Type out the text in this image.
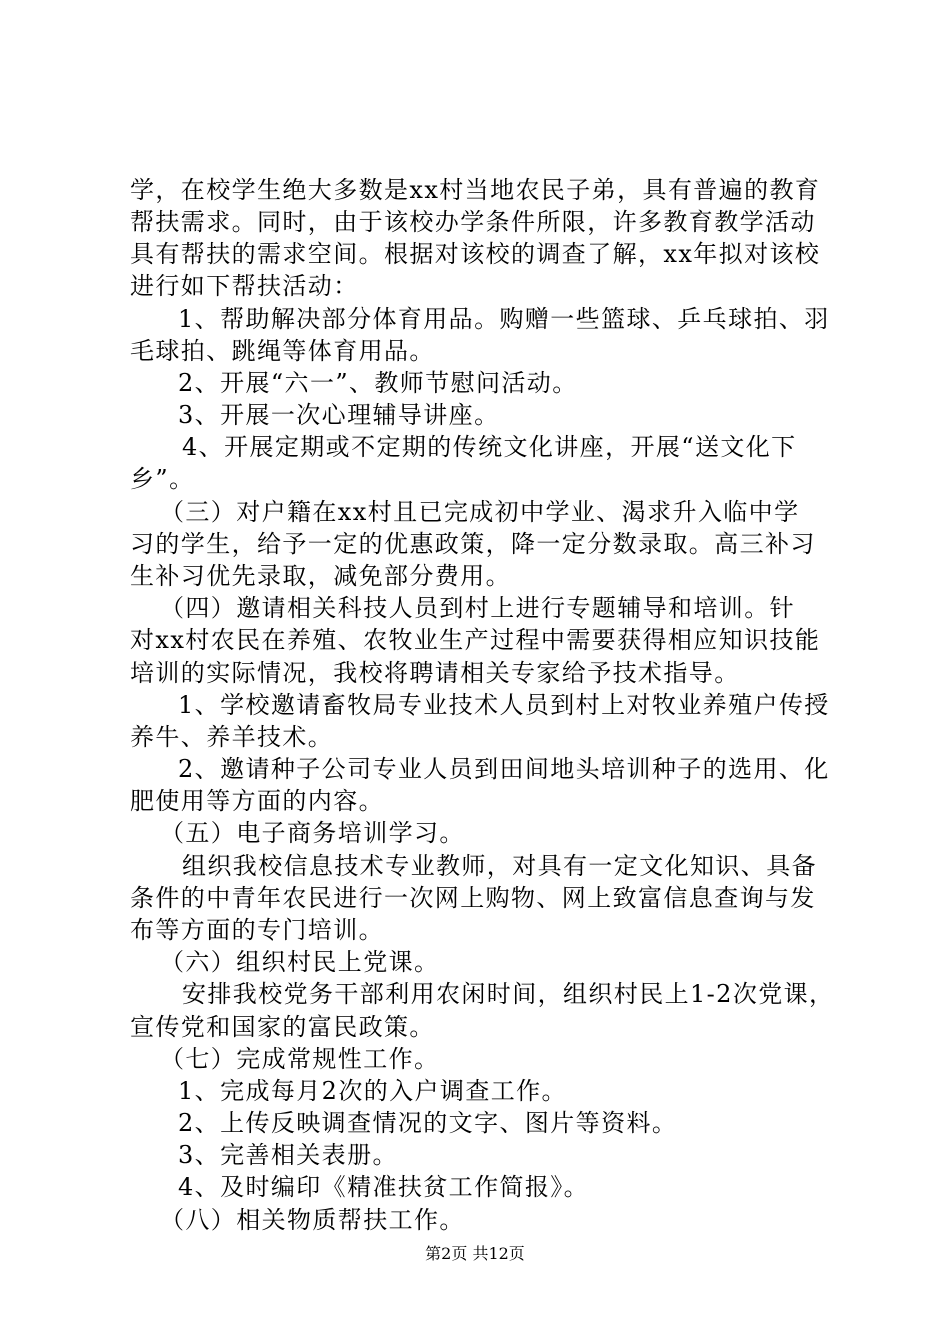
学，在校学生绝大多数是xx村当地农民子弟，具有普遍的教育
帮扶需求。同时，由于该校办学条件所限，许多教育教学活动
具有帮扶的需求空间。根据对该校的调查了解，xx年拟对该校
进行如下帮扶活动：
1、帮助解决部分体育用品。购赠一些篮球、乒乓球拍、羽
毛球拍、跳绳等体育用品。
2、开展“六一”、教师节慰问活动。
3、开展一次心理辅导讲座。
4、开展定期或不定期的传统文化讲座，开展“送文化下
乡”。
（三）对户籍在xx村且已完成初中学业、渴求升入临中学
习的学生，给予一定的优惠政策，降一定分数录取。高三补习
生补习优先录取，减免部分费用。
（四）邀请相关科技人员到村上进行专题辅导和培训。针
对xx村农民在养殖、农牧业生产过程中需要获得相应知识技能
培训的实际情况，我校将聘请相关专家给予技术指导。
1、学校邀请畜牧局专业技术人员到村上对牧业养殖户传授
养牛、养羊技术。
2、邀请种子公司专业人员到田间地头培训种子的选用、化
肥使用等方面的内容。
（五）电子商务培训学习。
组织我校信息技术专业教师，对具有一定文化知识、具备
条件的中青年农民进行一次网上购物、网上致富信息查询与发
布等方面的专门培训。
（六）组织村民上党课。
安排我校党务干部利用农闲时间，组织村民上1-2次党课，
宣传党和国家的富民政策。
（七）完成常规性工作。
1、完成每月2次的入户调查工作。
2、上传反映调查情况的文字、图片等资料。
3、完善相关表册。
4、及时编印《精准扶贫工作简报》。
（八）相关物质帮扶工作。
第2页 共12页
